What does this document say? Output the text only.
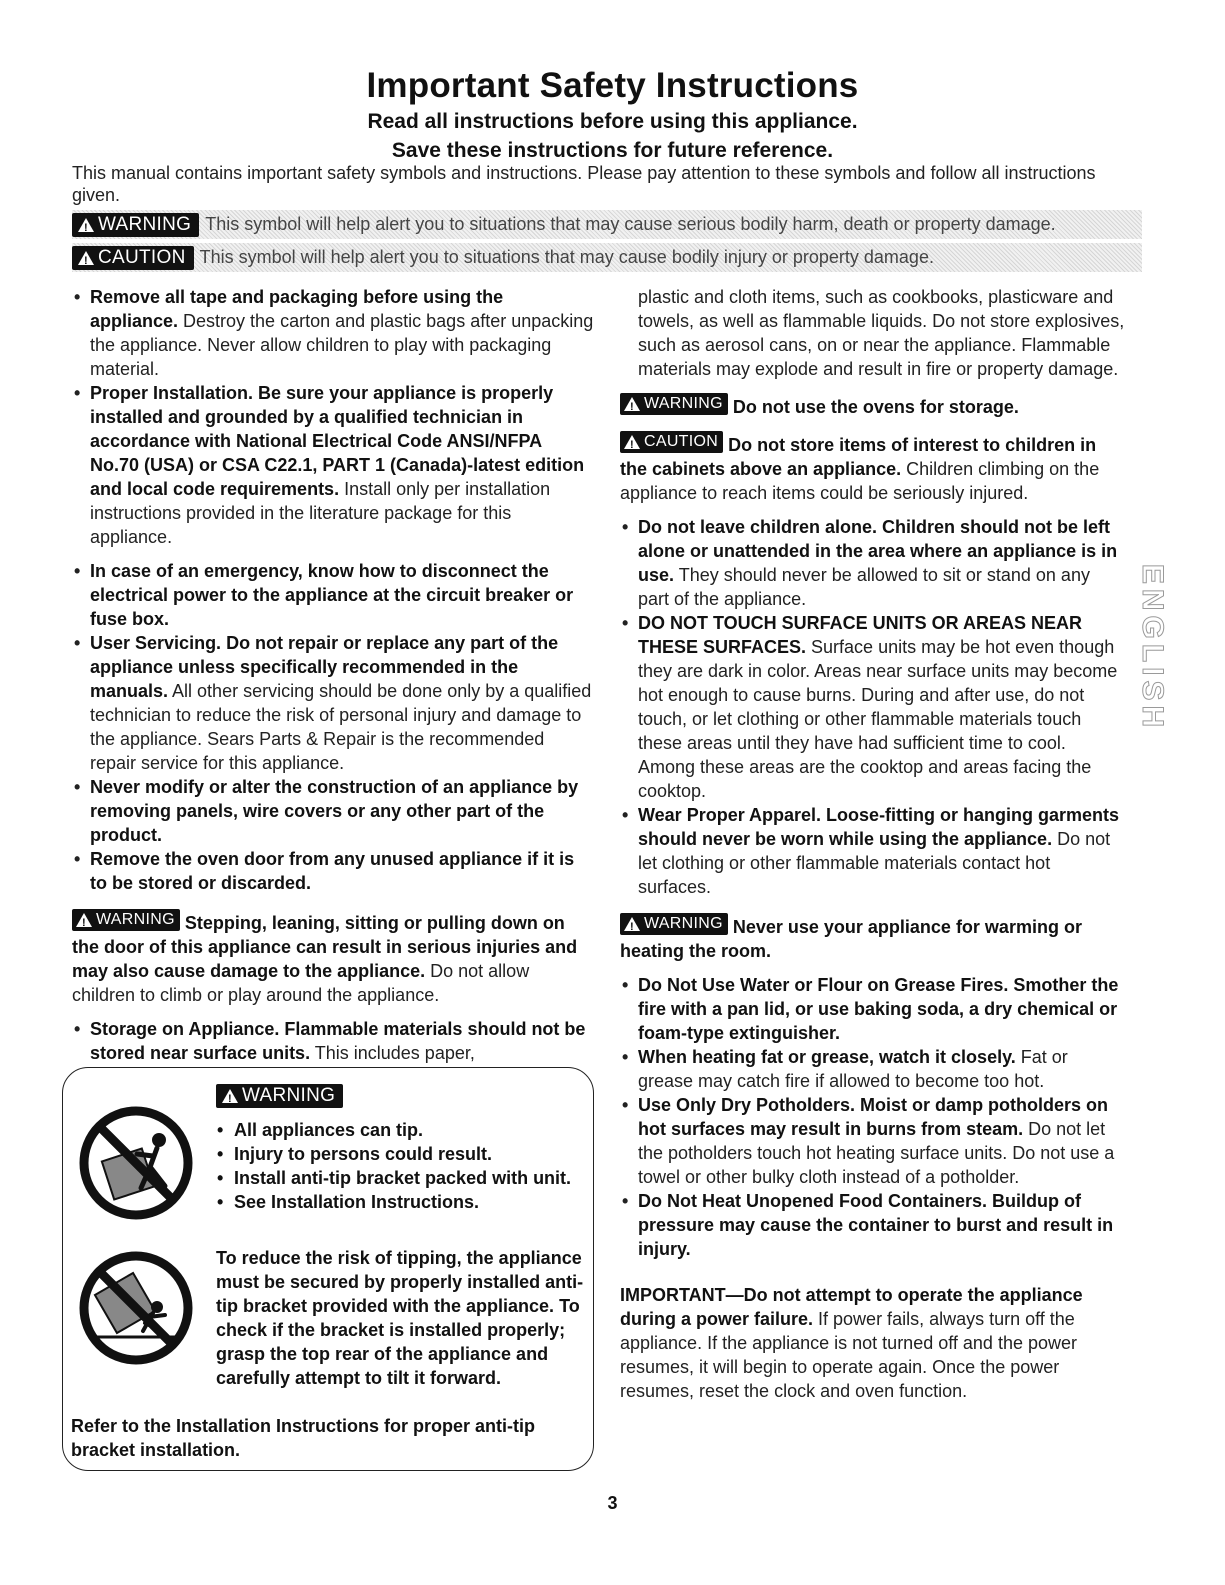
Important Safety Instructions
Read all instructions before using this appliance.
Save these instructions for future reference.
This manual contains important safety symbols and instructions. Please pay attention to these symbols and follow all instructions given.
!
WARNING This symbol will help alert you to situations that may cause serious bodily harm, death or property damage.
!
CAUTION This symbol will help alert you to situations that may cause bodily injury or property damage.
• Remove all tape and packaging before using the appliance. Destroy the carton and plastic bags after unpacking the appliance. Never allow children to play with packaging material.
• Proper Installation. Be sure your appliance is properly installed and grounded by a qualified technician in accordance with National Electrical Code ANSI/NFPA No.70 (USA) or CSA C22.1, PART 1 (Canada)-latest edition and local code requirements. Install only per installation instructions provided in the literature package for this appliance.
• In case of an emergency, know how to disconnect the electrical power to the appliance at the circuit breaker or fuse box.
• User Servicing. Do not repair or replace any part of the appliance unless specifically recommended in the manuals. All other servicing should be done only by a qualified technician to reduce the risk of personal injury and damage to the appliance. Sears Parts & Repair is the recommended repair service for this appliance.
• Never modify or alter the construction of an appliance by removing panels, wire covers or any other part of the product.
• Remove the oven door from any unused appliance if it is to be stored or discarded.
!
WARNING Stepping, leaning, sitting or pulling down on the door of this appliance can result in serious injuries and may also cause damage to the appliance. Do not allow children to climb or play around the appliance.
• Storage on Appliance. Flammable materials should not be stored near surface units. This includes paper,
!
WARNING
• All appliances can tip.
• Injury to persons could result.
• Install anti-tip bracket packed with unit.
• See Installation Instructions.
To reduce the risk of tipping, the appliance must be secured by properly installed anti-tip bracket provided with the appliance. To check if the bracket is installed properly; grasp the top rear of the appliance and carefully attempt to tilt it forward.
Refer to the Installation Instructions for proper anti-tip bracket installation.
plastic and cloth items, such as cookbooks, plasticware and towels, as well as flammable liquids. Do not store explosives, such as aerosol cans, on or near the appliance. Flammable materials may explode and result in fire or property damage.
!
WARNING Do not use the ovens for storage.
!
CAUTION Do not store items of interest to children in the cabinets above an appliance. Children climbing on the appliance to reach items could be seriously injured.
• Do not leave children alone. Children should not be left alone or unattended in the area where an appliance is in use. They should never be allowed to sit or stand on any part of the appliance.
• DO NOT TOUCH SURFACE UNITS OR AREAS NEAR THESE SURFACES. Surface units may be hot even though they are dark in color. Areas near surface units may become hot enough to cause burns. During and after use, do not touch, or let clothing or other flammable materials touch these areas until they have had sufficient time to cool. Among these areas are the cooktop and areas facing the cooktop.
• Wear Proper Apparel. Loose-fitting or hanging garments should never be worn while using the appliance. Do not let clothing or other flammable materials contact hot surfaces.
!
WARNING Never use your appliance for warming or heating the room.
• Do Not Use Water or Flour on Grease Fires. Smother the fire with a pan lid, or use baking soda, a dry chemical or foam-type extinguisher.
• When heating fat or grease, watch it closely. Fat or grease may catch fire if allowed to become too hot.
• Use Only Dry Potholders. Moist or damp potholders on hot surfaces may result in burns from steam. Do not let the potholders touch hot heating surface units. Do not use a towel or other bulky cloth instead of a potholder.
• Do Not Heat Unopened Food Containers. Buildup of pressure may cause the container to burst and result in injury.
IMPORTANT—Do not attempt to operate the appliance during a power failure. If power fails, always turn off the appliance. If the appliance is not turned off and the power resumes, it will begin to operate again. Once the power resumes, reset the clock and oven function.
ENGLISH
3
